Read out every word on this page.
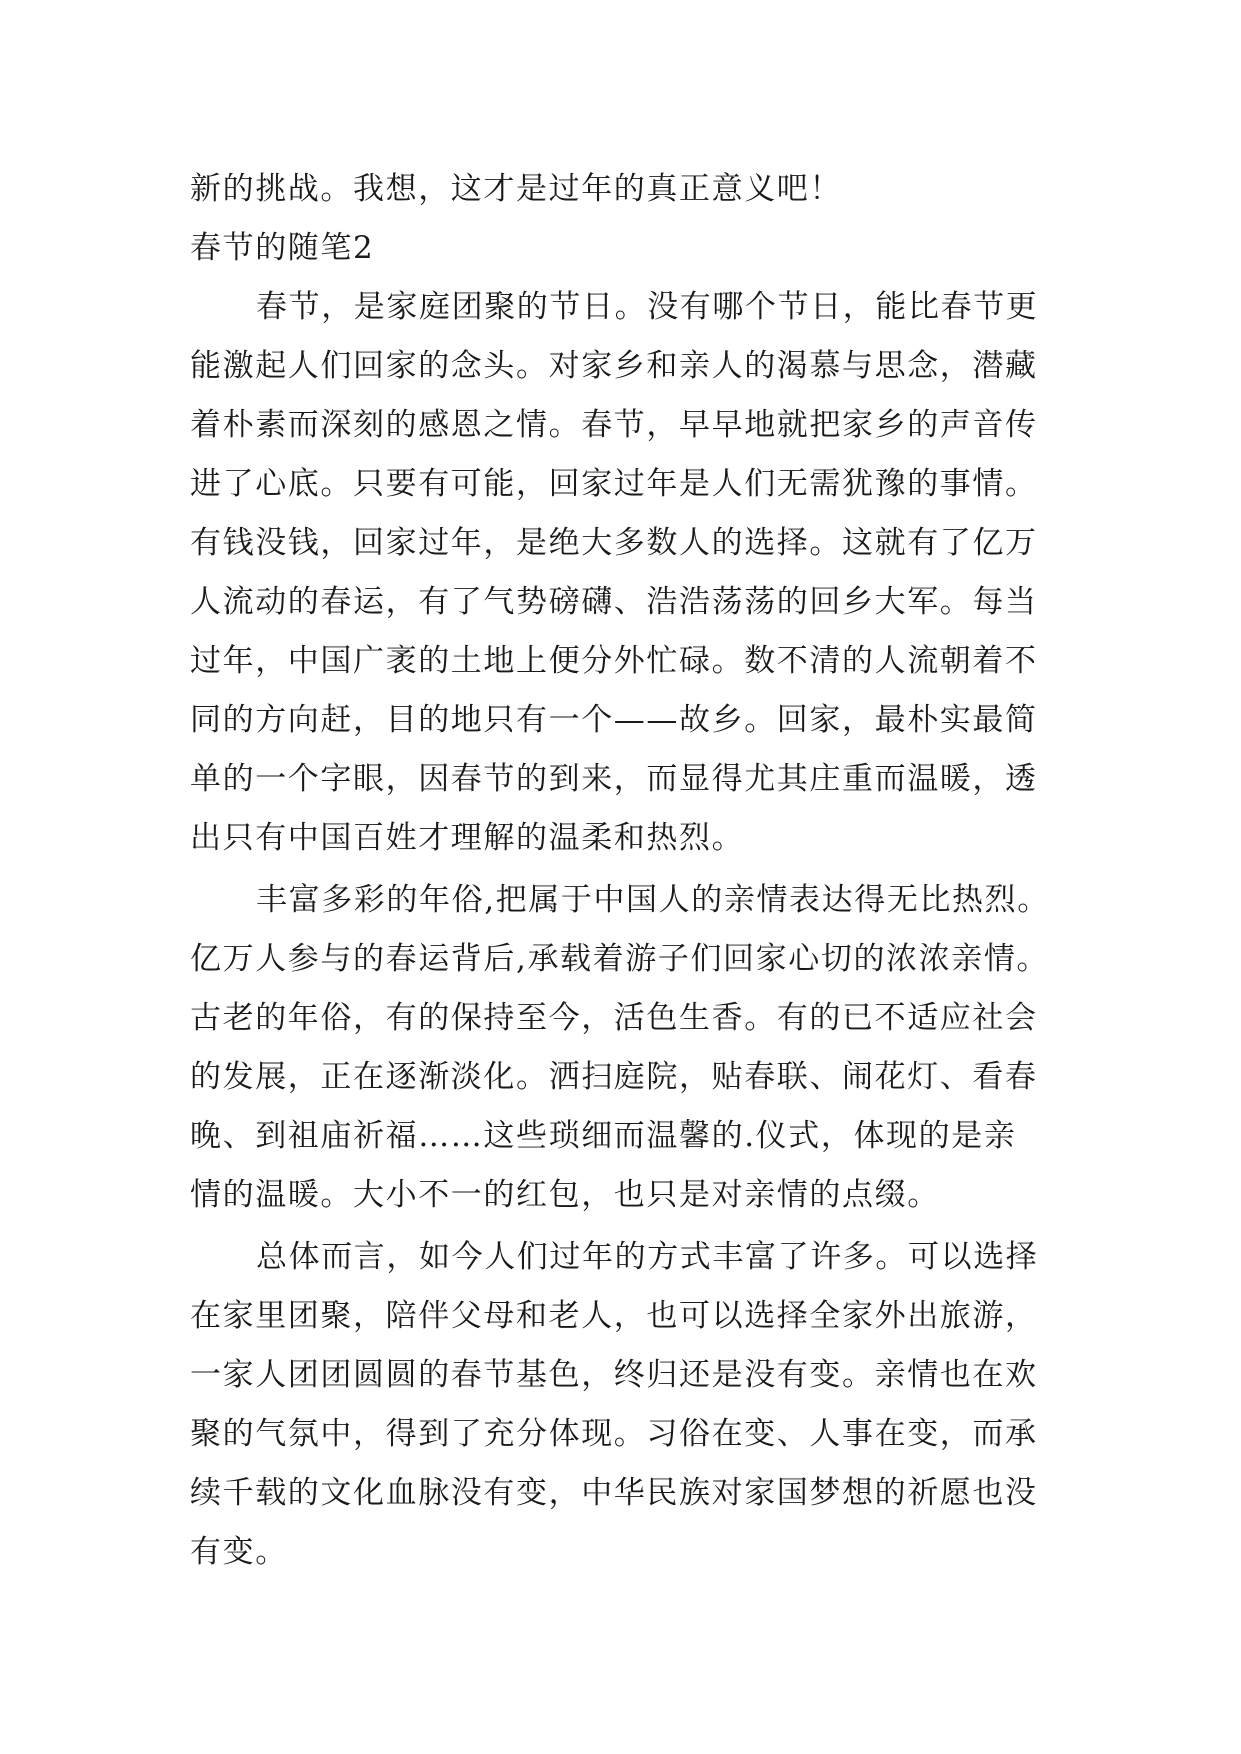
新的挑战。我想，这才是过年的真正意义吧！
春节的随笔2
春节，是家庭团聚的节日。没有哪个节日，能比春节更
能激起人们回家的念头。对家乡和亲人的渴慕与思念，潜藏
着朴素而深刻的感恩之情。春节，早早地就把家乡的声音传
进了心底。只要有可能，回家过年是人们无需犹豫的事情。
有钱没钱，回家过年，是绝大多数人的选择。这就有了亿万
人流动的春运，有了气势磅礴、浩浩荡荡的回乡大军。每当
过年，中国广袤的土地上便分外忙碌。数不清的人流朝着不
同的方向赶，目的地只有一个——故乡。回家，最朴实最简
单的一个字眼，因春节的到来，而显得尤其庄重而温暖，透
出只有中国百姓才理解的温柔和热烈。
丰富多彩的年俗,把属于中国人的亲情表达得无比热烈。
亿万人参与的春运背后,承载着游子们回家心切的浓浓亲情。
古老的年俗，有的保持至今，活色生香。有的已不适应社会
的发展，正在逐渐淡化。洒扫庭院，贴春联、闹花灯、看春
晚、到祖庙祈福……这些琐细而温馨的.仪式，体现的是亲
情的温暖。大小不一的红包，也只是对亲情的点缀。
总体而言，如今人们过年的方式丰富了许多。可以选择
在家里团聚，陪伴父母和老人，也可以选择全家外出旅游，
一家人团团圆圆的春节基色，终归还是没有变。亲情也在欢
聚的气氛中，得到了充分体现。习俗在变、人事在变，而承
续千载的文化血脉没有变，中华民族对家国梦想的祈愿也没
有变。
